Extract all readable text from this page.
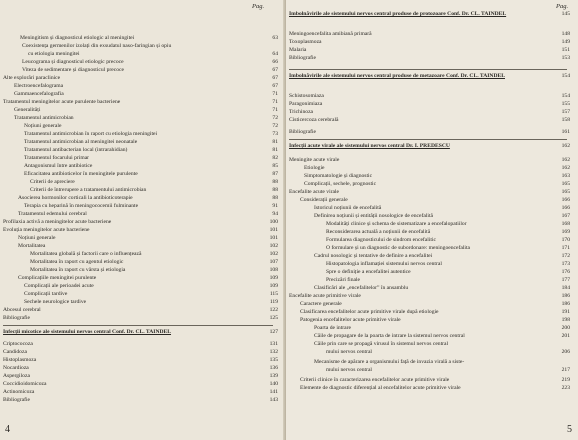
Pag.
Meningitism și diagnosticul etiologic al meningitei	63
Coexistența germenilor izolați din exsudatul naso-faringian și opiu
cu etiologia meningitei	64
Leucograma și diagnosticul etiologic precoce	66
Viteza de sedimentare și diagnosticul precoce	67
Alte explorări paraclinice	67
Electroencefalograma	67
Gammaencefalografia	71
Tratamentul meningitelor acute purulente bacteriene	71
Generalități	71
Tratamentul antimicrobian	72
Noțiuni generale	72
Tratamentul antimicrobian în raport cu etiologia meningitei	73
Tratamentul antimicrobian al meningitei neonatale	81
Tratamentul antibacterian local (intrarahidian)	81
Tratamentul focarului primar	82
Antagonismul între antibiotice	85
Eficacitatea antibioticelor în meningitele purulente	87
Criterii de apreciere	88
Criterii de întrerupere a tratamentului antimicrobian	88
Asocierea hormonilor corticali la antibioticoterapie	88
Terapia cu heparină în meningococemii fulminante	91
Tratamentul edemului cerebral	94
Profilaxia activă a meningitelor acute bacteriene	100
Evoluția meningitelor acute bacteriene	101
Noțiuni generale	101
Mortalitatea	102
Mortalitatea globală și factorii care o influențează	102
Mortalitatea în raport cu agentul etiologic	107
Mortalitatea în raport cu vârsta și etiologia	108
Complicațiile meningitei purulente	109
Complicații ale perioadei acute	109
Complicații tardive	115
Sechele neurologice tardive	119
Abcesul cerebral	122
Bibliografie	125
Infecții micotice ale sistemului nervos central Conf. Dr. CL. TAINDEL	127
Criptococoza	131
Candidoza	132
Histoplasmoza	135
Nocardioza	136
Aspergiloza	139
Coccidioidomicoza	140
Actinomicoza	141
Bibliografie	143
4
Pag.
Imbolnăvirile ale sistemului nervos central produse de protozoare Conf. Dr. CL. TAINDEL	145
Meningoencefalita amibiană primară	148
Toxoplasmoza	149
Malaria	151
Bibliografie	153
Imbolnăvirile ale sistemului nervos central produse de metazoare Conf. Dr. CL. TAINDEL	154
Schistosomiaza	154
Paragonimiaza	155
Trichinoza	157
Cisticercoza cerebrală	158
Bibliografie	161
Infecții acute virale ale sistemului nervos central Dr. I. PREDESCU	162
Meningite acute virale	162
Etiologie	162
Simptomatologie și diagnostic	163
Complicații, sechele, prognostic	165
Encefalite acute virale	165
Considerații generale	166
Istoricul noțiunii de encefalită	166
Definirea noțiunii și entității nosologice de encefalită	167
Modalități clinice și schema de sistematizare a encefalopatiilor	168
Reconsiderarea actuală a noțiunii de encefalită	169
Formularea diagnosticului de sindrom encefalitic	170
O formulare și un diagnostic de subordonare: meningoencefalita	171
Cadrul nosologic și tentative de definire a encefalitei	172
Histopatologia inflamației sistemului nervos central	173
Spre o definiție a encefalitei autentice	176
Precizări finale	177
Clasificări ale „encefalitelor” în ansamblu	184
Encefalite acute primitive virale	186
Caractere generale	186
Clasificarea encefalitelor acute primitive virale după etiologie	191
Patogenia encefalitelor acute primitive virale	198
Poarta de intrare	200
Căile de propagare de la poarta de intrare la sistemul nervos central	201
Căile prin care se propagă virusul în sistemul nervos central
mului nervos central	206
Mecanisme de apărare a organismului față de invazia virală a siste-
mului nervos central	217
Criterii clinice în caracterizarea encefalitelor acute primitive virale	219
Elemente de diagnostic diferențial al encefalitelor acute primitive virale	223
5
